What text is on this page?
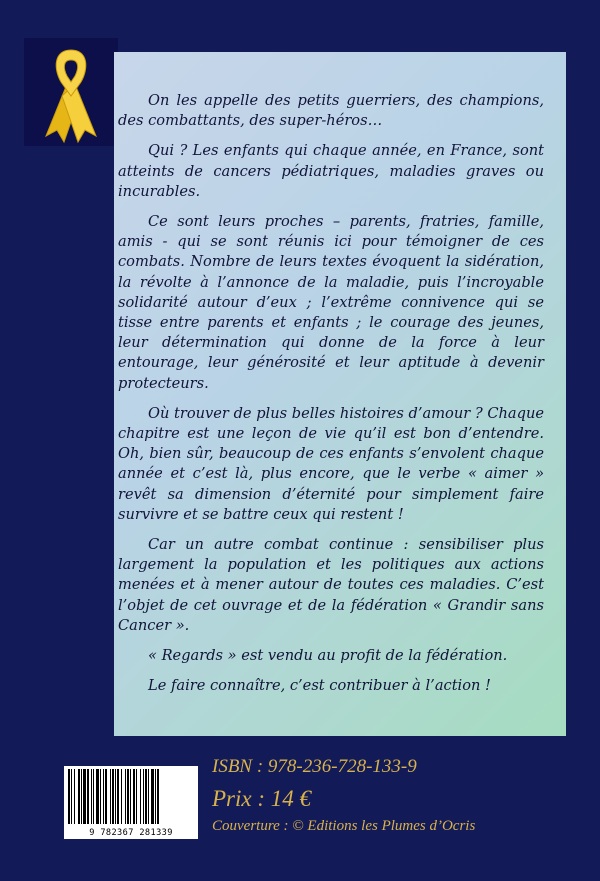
On les appelle des petits guerriers, des champions, des combattants, des super-héros…

Qui ? Les enfants qui chaque année, en France, sont atteints de cancers pédiatriques, maladies graves ou incurables.

Ce sont leurs proches – parents, fratries, famille, amis - qui se sont réunis ici pour témoigner de ces combats. Nombre de leurs textes évoquent la sidération, la révolte à l’annonce de la maladie, puis l’incroyable solidarité autour d’eux ; l’extrême connivence qui se tisse entre parents et enfants ; le courage des jeunes, leur détermination qui donne de la force à leur entourage, leur générosité et leur aptitude à devenir protecteurs.

Où trouver de plus belles histoires d’amour ? Chaque chapitre est une leçon de vie qu’il est bon d’entendre. Oh, bien sûr, beaucoup de ces enfants s’envolent chaque année et c’est là, plus encore, que le verbe « aimer » revêt sa dimension d’éternité pour simplement faire survivre et se battre ceux qui restent !

Car un autre combat continue : sensibiliser plus largement la population et les politiques aux actions menées et à mener autour de toutes ces maladies. C’est l’objet de cet ouvrage et de la fédération « Grandir sans Cancer ».

« Regards » est vendu au profit de la fédération.

Le faire connaître, c’est contribuer à l’action !

9 782367 281339
ISBN : 978-236-728-133-9
Prix : 14 €
Couverture : © Editions les Plumes d’Ocris
